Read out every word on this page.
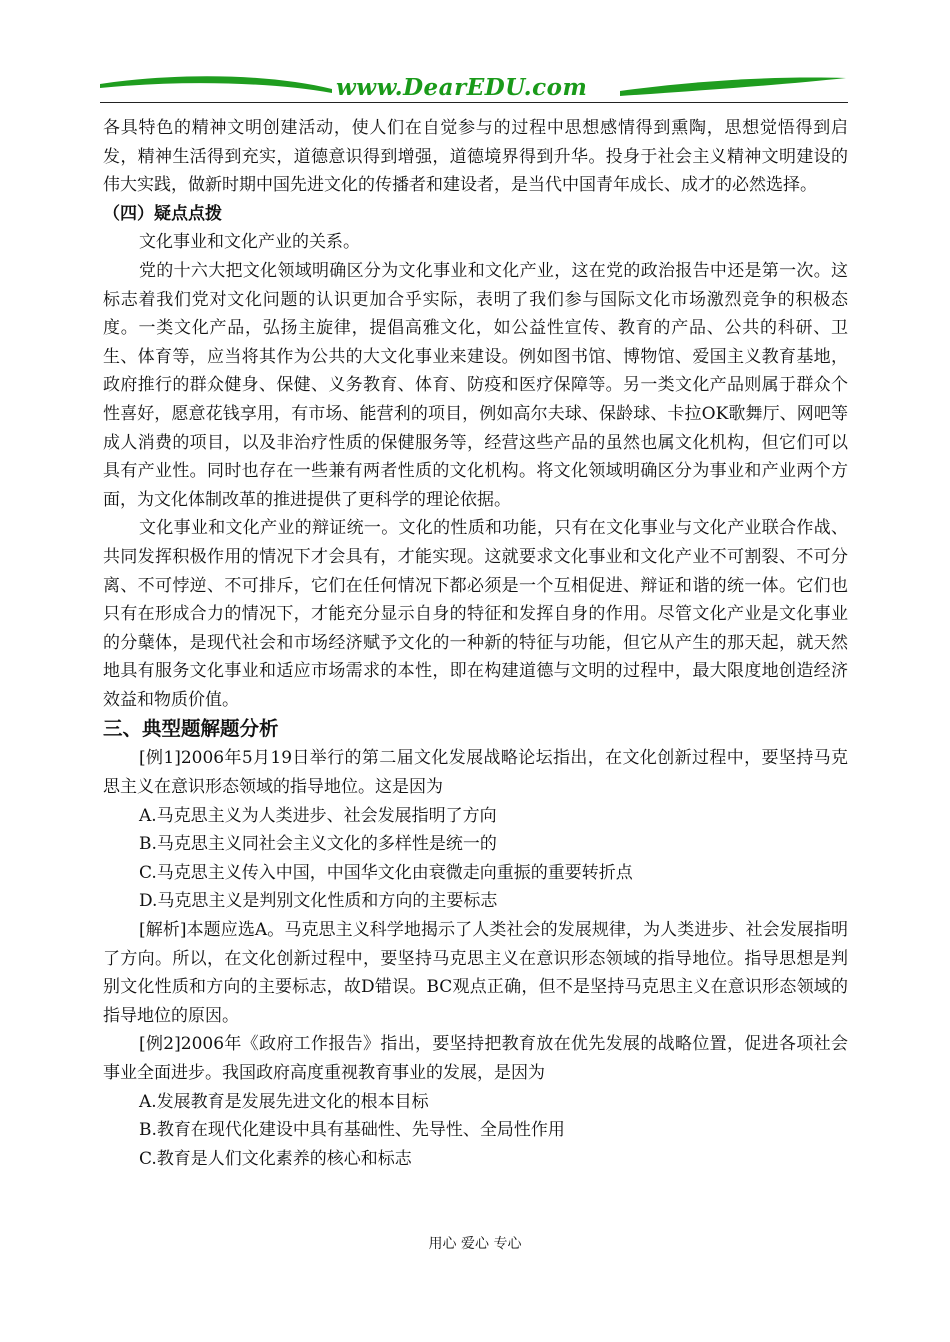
www.DearEDU.com

各具特色的精神文明创建活动，使人们在自觉参与的过程中思想感情得到熏陶，思想觉悟得到启发，精神生活得到充实，道德意识得到增强，道德境界得到升华。投身于社会主义精神文明建设的伟大实践，做新时期中国先进文化的传播者和建设者，是当代中国青年成长、成才的必然选择。

（四）疑点点拨

文化事业和文化产业的关系。

党的十六大把文化领域明确区分为文化事业和文化产业，这在党的政治报告中还是第一次。这标志着我们党对文化问题的认识更加合乎实际，表明了我们参与国际文化市场激烈竞争的积极态度。一类文化产品，弘扬主旋律，提倡高雅文化，如公益性宣传、教育的产品、公共的科研、卫生、体育等，应当将其作为公共的大文化事业来建设。例如图书馆、博物馆、爱国主义教育基地，政府推行的群众健身、保健、义务教育、体育、防疫和医疗保障等。另一类文化产品则属于群众个性喜好，愿意花钱享用，有市场、能营利的项目，例如高尔夫球、保龄球、卡拉OK歌舞厅、网吧等成人消费的项目，以及非治疗性质的保健服务等，经营这些产品的虽然也属文化机构，但它们可以具有产业性。同时也存在一些兼有两者性质的文化机构。将文化领域明确区分为事业和产业两个方面，为文化体制改革的推进提供了更科学的理论依据。

文化事业和文化产业的辩证统一。文化的性质和功能，只有在文化事业与文化产业联合作战、共同发挥积极作用的情况下才会具有，才能实现。这就要求文化事业和文化产业不可割裂、不可分离、不可悖逆、不可排斥，它们在任何情况下都必须是一个互相促进、辩证和谐的统一体。它们也只有在形成合力的情况下，才能充分显示自身的特征和发挥自身的作用。尽管文化产业是文化事业的分蘖体，是现代社会和市场经济赋予文化的一种新的特征与功能，但它从产生的那天起，就天然地具有服务文化事业和适应市场需求的本性，即在构建道德与文明的过程中，最大限度地创造经济效益和物质价值。

三、典型题解题分析

[例1]2006年5月19日举行的第二届文化发展战略论坛指出，在文化创新过程中，要坚持马克思主义在意识形态领域的指导地位。这是因为

A.马克思主义为人类进步、社会发展指明了方向

B.马克思主义同社会主义文化的多样性是统一的

C.马克思主义传入中国，中国华文化由衰微走向重振的重要转折点

D.马克思主义是判别文化性质和方向的主要标志

[解析]本题应选A。马克思主义科学地揭示了人类社会的发展规律，为人类进步、社会发展指明了方向。所以，在文化创新过程中，要坚持马克思主义在意识形态领域的指导地位。指导思想是判别文化性质和方向的主要标志，故D错误。BC观点正确，但不是坚持马克思主义在意识形态领域的指导地位的原因。

[例2]2006年《政府工作报告》指出，要坚持把教育放在优先发展的战略位置，促进各项社会事业全面进步。我国政府高度重视教育事业的发展，是因为

A.发展教育是发展先进文化的根本目标

B.教育在现代化建设中具有基础性、先导性、全局性作用

C.教育是人们文化素养的核心和标志

用心 爱心 专心
